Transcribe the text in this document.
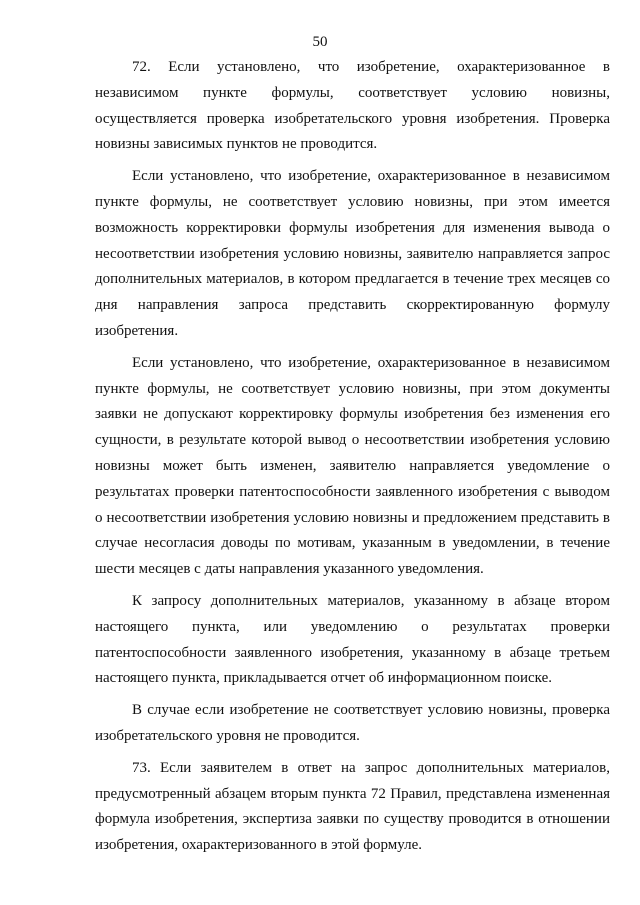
50

72. Если установлено, что изобретение, охарактеризованное в независимом пункте формулы, соответствует условию новизны, осуществляется проверка изобретательского уровня изобретения. Проверка новизны зависимых пунктов не проводится.

Если установлено, что изобретение, охарактеризованное в независимом пункте формулы, не соответствует условию новизны, при этом имеется возможность корректировки формулы изобретения для изменения вывода о несоответствии изобретения условию новизны, заявителю направляется запрос дополнительных материалов, в котором предлагается в течение трех месяцев со дня направления запроса представить скорректированную формулу изобретения.

Если установлено, что изобретение, охарактеризованное в независимом пункте формулы, не соответствует условию новизны, при этом документы заявки не допускают корректировку формулы изобретения без изменения его сущности, в результате которой вывод о несоответствии изобретения условию новизны может быть изменен, заявителю направляется уведомление о результатах проверки патентоспособности заявленного изобретения с выводом о несоответствии изобретения условию новизны и предложением представить в случае несогласия доводы по мотивам, указанным в уведомлении, в течение шести месяцев с даты направления указанного уведомления.

К запросу дополнительных материалов, указанному в абзаце втором настоящего пункта, или уведомлению о результатах проверки патентоспособности заявленного изобретения, указанному в абзаце третьем настоящего пункта, прикладывается отчет об информационном поиске.

В случае если изобретение не соответствует условию новизны, проверка изобретательского уровня не проводится.

73. Если заявителем в ответ на запрос дополнительных материалов, предусмотренный абзацем вторым пункта 72 Правил, представлена измененная формула изобретения, экспертиза заявки по существу проводится в отношении изобретения, охарактеризованного в этой формуле.
